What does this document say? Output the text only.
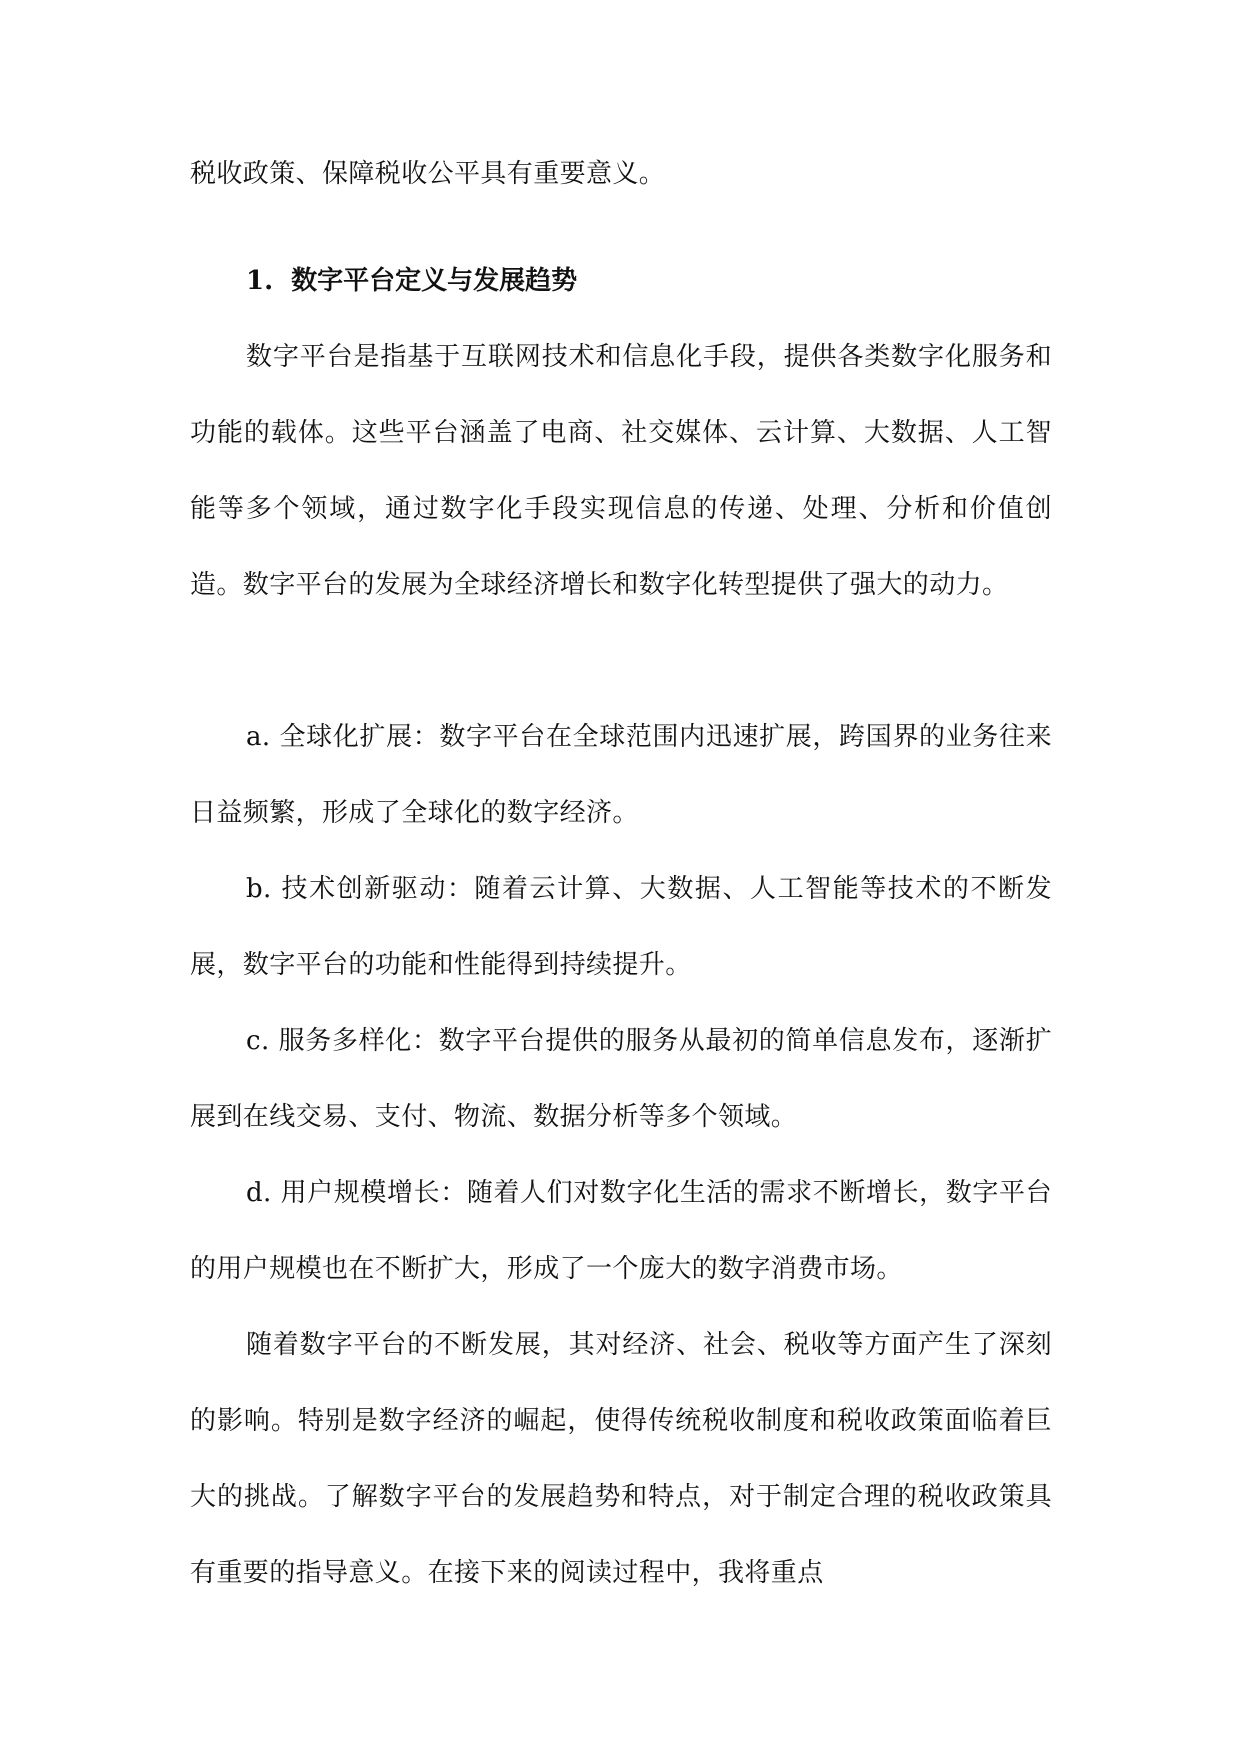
税收政策、保障税收公平具有重要意义。

1. 数字平台定义与发展趋势

数字平台是指基于互联网技术和信息化手段，提供各类数字化服务和功能的载体。这些平台涵盖了电商、社交媒体、云计算、大数据、人工智能等多个领域，通过数字化手段实现信息的传递、处理、分析和价值创造。数字平台的发展为全球经济增长和数字化转型提供了强大的动力。

a. 全球化扩展：数字平台在全球范围内迅速扩展，跨国界的业务往来日益频繁，形成了全球化的数字经济。

b. 技术创新驱动：随着云计算、大数据、人工智能等技术的不断发展，数字平台的功能和性能得到持续提升。

c. 服务多样化：数字平台提供的服务从最初的简单信息发布，逐渐扩展到在线交易、支付、物流、数据分析等多个领域。

d. 用户规模增长：随着人们对数字化生活的需求不断增长，数字平台的用户规模也在不断扩大，形成了一个庞大的数字消费市场。

随着数字平台的不断发展，其对经济、社会、税收等方面产生了深刻的影响。特别是数字经济的崛起，使得传统税收制度和税收政策面临着巨大的挑战。了解数字平台的发展趋势和特点，对于制定合理的税收政策具有重要的指导意义。在接下来的阅读过程中，我将重点
